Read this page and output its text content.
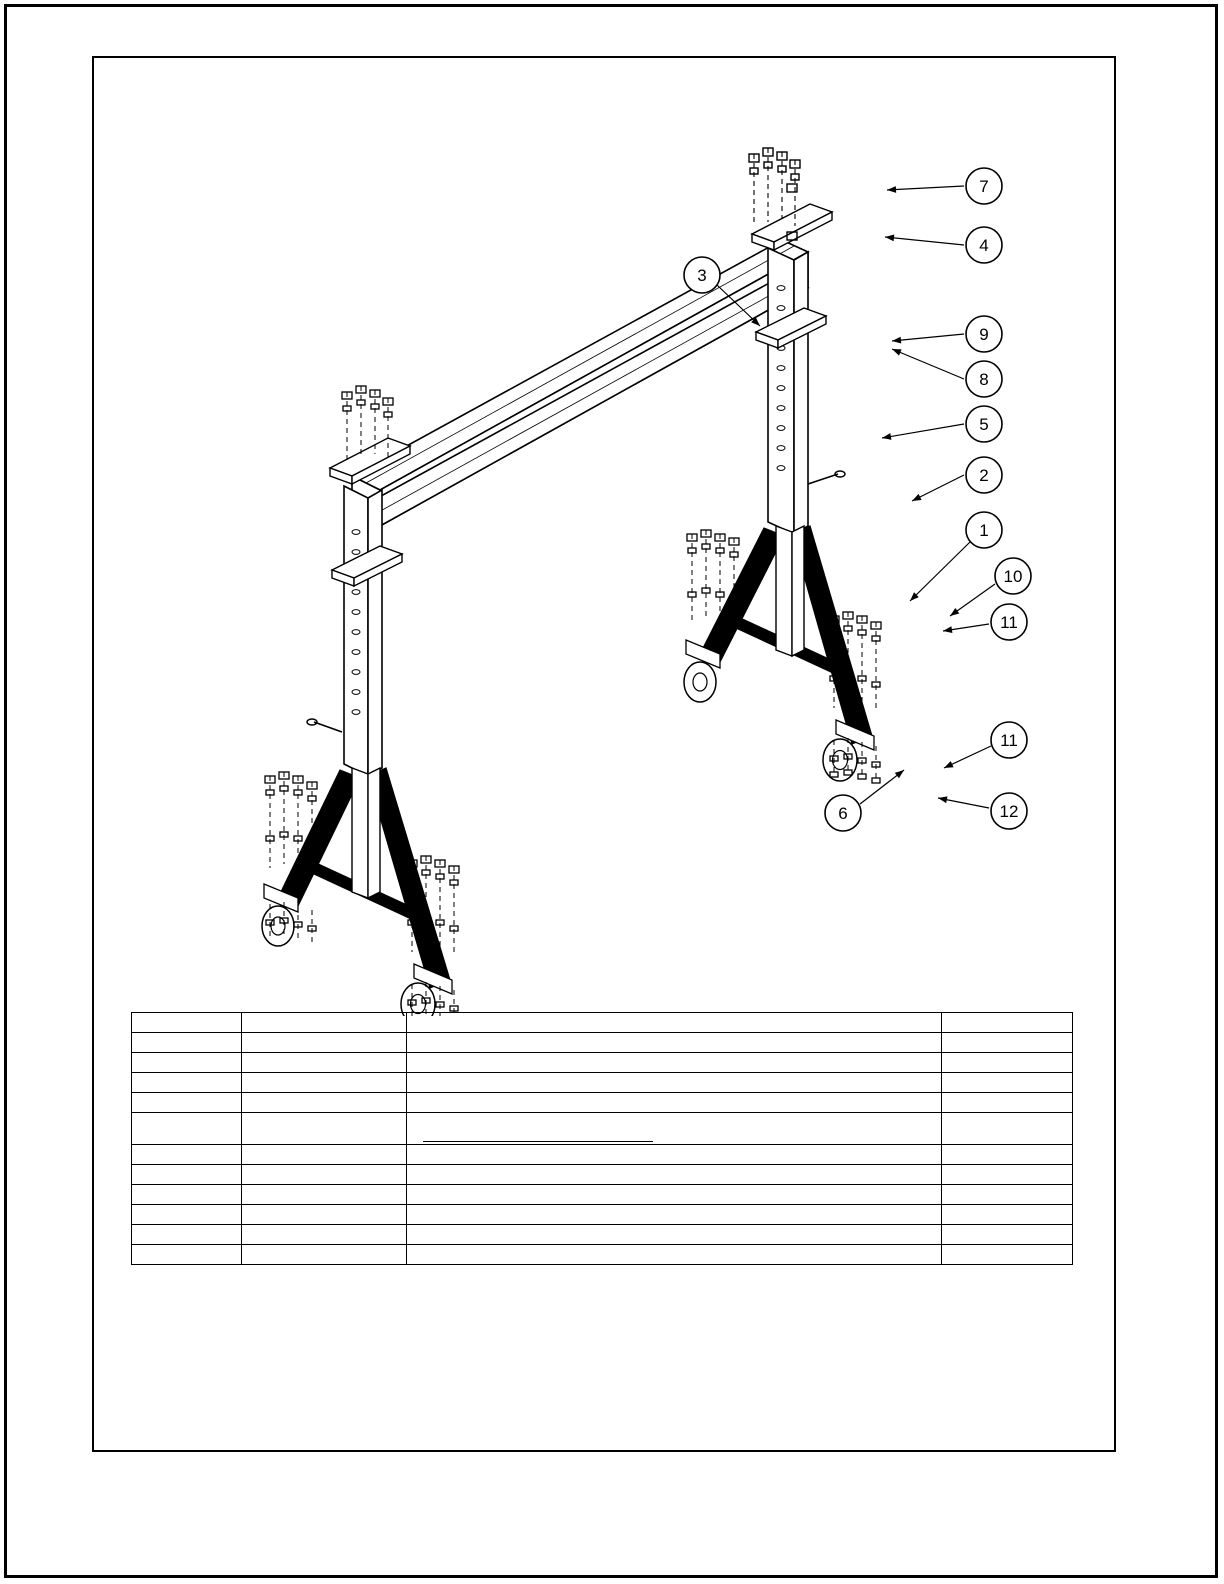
7
4
3
9
8
5
2
1
10
11
11
12
6
